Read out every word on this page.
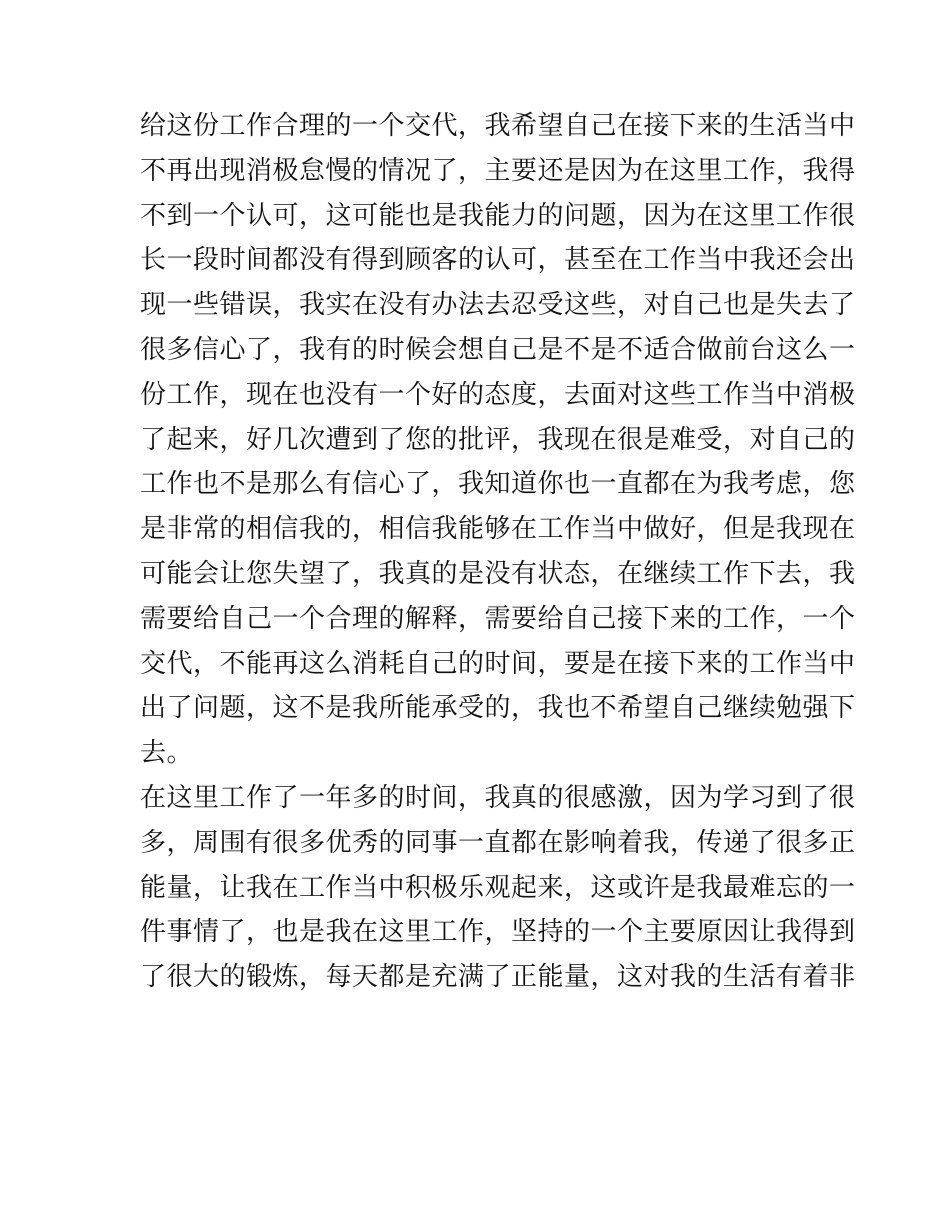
给这份工作合理的一个交代，我希望自己在接下来的生活当中
不再出现消极怠慢的情况了，主要还是因为在这里工作，我得
不到一个认可，这可能也是我能力的问题，因为在这里工作很
长一段时间都没有得到顾客的认可，甚至在工作当中我还会出
现一些错误，我实在没有办法去忍受这些，对自己也是失去了
很多信心了，我有的时候会想自己是不是不适合做前台这么一
份工作，现在也没有一个好的态度，去面对这些工作当中消极
了起来，好几次遭到了您的批评，我现在很是难受，对自己的
工作也不是那么有信心了，我知道你也一直都在为我考虑，您
是非常的相信我的，相信我能够在工作当中做好，但是我现在
可能会让您失望了，我真的是没有状态，在继续工作下去，我
需要给自己一个合理的解释，需要给自己接下来的工作，一个
交代，不能再这么消耗自己的时间，要是在接下来的工作当中
出了问题，这不是我所能承受的，我也不希望自己继续勉强下
去。
在这里工作了一年多的时间，我真的很感激，因为学习到了很
多，周围有很多优秀的同事一直都在影响着我，传递了很多正
能量，让我在工作当中积极乐观起来，这或许是我最难忘的一
件事情了，也是我在这里工作，坚持的一个主要原因让我得到
了很大的锻炼，每天都是充满了正能量，这对我的生活有着非
